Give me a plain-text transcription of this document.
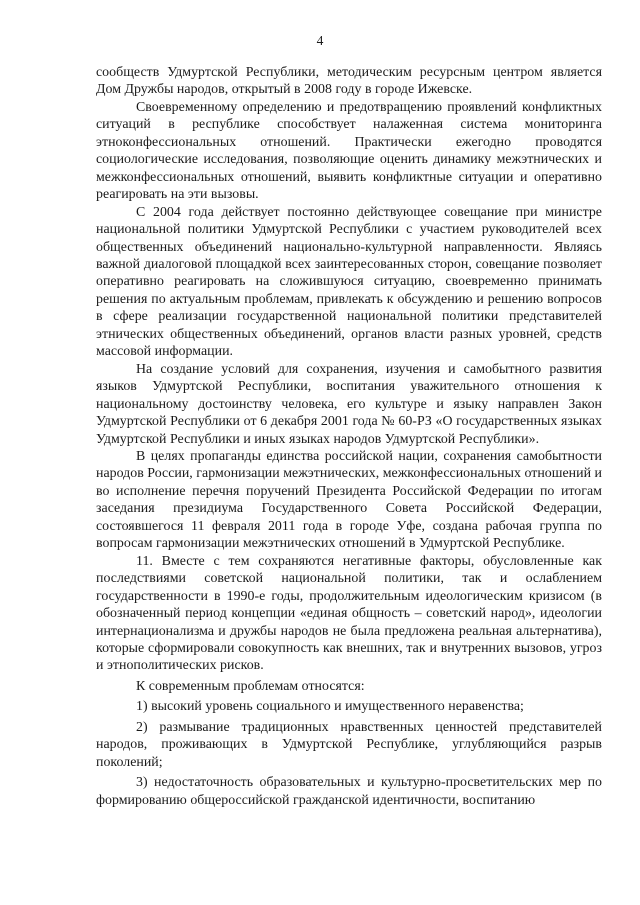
4

сообществ Удмуртской Республики, методическим ресурсным центром является Дом Дружбы народов, открытый в 2008 году в городе Ижевске.

Своевременному определению и предотвращению проявлений конфликтных ситуаций в республике способствует налаженная система мониторинга этноконфессиональных отношений. Практически ежегодно проводятся социологические исследования, позволяющие оценить динамику межэтнических и межконфессиональных отношений, выявить конфликтные ситуации и оперативно реагировать на эти вызовы.

С 2004 года действует постоянно действующее совещание при министре национальной политики Удмуртской Республики с участием руководителей всех общественных объединений национально-культурной направленности. Являясь важной диалоговой площадкой всех заинтересованных сторон, совещание позволяет оперативно реагировать на сложившуюся ситуацию, своевременно принимать решения по актуальным проблемам, привлекать к обсуждению и решению вопросов в сфере реализации государственной национальной политики представителей этнических общественных объединений, органов власти разных уровней, средств массовой информации.

На создание условий для сохранения, изучения и самобытного развития языков Удмуртской Республики, воспитания уважительного отношения к национальному достоинству человека, его культуре и языку направлен Закон Удмуртской Республики от 6 декабря 2001 года № 60-РЗ «О государственных языках Удмуртской Республики и иных языках народов Удмуртской Республики».

В целях пропаганды единства российской нации, сохранения самобытности народов России, гармонизации межэтнических, межконфессиональных отношений и во исполнение перечня поручений Президента Российской Федерации по итогам заседания президиума Государственного Совета Российской Федерации, состоявшегося 11 февраля 2011 года в городе Уфе, создана рабочая группа по вопросам гармонизации межэтнических отношений в Удмуртской Республике.

11. Вместе с тем сохраняются негативные факторы, обусловленные как последствиями советской национальной политики, так и ослаблением государственности в 1990-е годы, продолжительным идеологическим кризисом (в обозначенный период концепции «единая общность – советский народ», идеологии интернационализма и дружбы народов не была предложена реальная альтернатива), которые сформировали совокупность как внешних, так и внутренних вызовов, угроз и этнополитических рисков.

К современным проблемам относятся:

1) высокий уровень социального и имущественного неравенства;

2) размывание традиционных нравственных ценностей представителей народов, проживающих в Удмуртской Республике, углубляющийся разрыв поколений;

3) недостаточность образовательных и культурно-просветительских мер по формированию общероссийской гражданской идентичности, воспитанию
